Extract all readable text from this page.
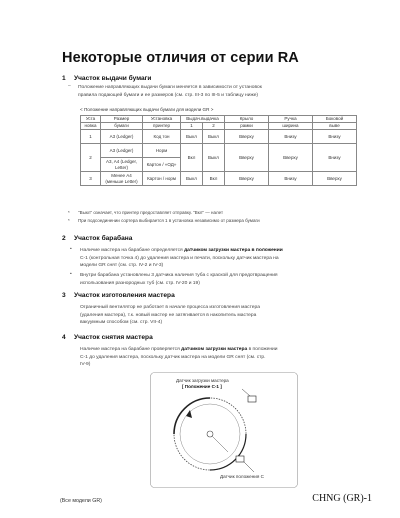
Некоторые отличия от серии RA
1 Участок выдачи бумаги
– Положение направляющих выдачи бумаги меняется в зависимости от установок
правила подающей бумаги и ее размеров (см. стр. III-3 по III-5 и таблицу ниже)
< Положение направляющих выдачи бумаги для модели GR >
Уста	Размер	Установка	Выдач.выдачка		Крыло	Ручка	Боковой
новка	бумаги	принтер	1	2	рамки	ширина	выве
1	A3 (Ledger)	Код тон	Выкл	Выкл	Вверху	Внизу	Внизу
2	A3 (Ledger)	Норм	Вкл	Выкл	Вверху	Вверху	Внизу
	A3, A4 (Ledger, Letter)	Картон / «ОД»					
3	Менее A4 (меньше Letter)	Картон / норм	Выкл	Вкл	Вверху	Внизу	Вверху
* "Выкл" означает, что принтер предоставляет отправку. "Вкл" — налет
* При подсоединении сортера выбирается 1 в установка независимо от размера бумаги
2 Участок барабана
• Наличие мастера на барабане определяется датчиком загрузки мастера в положении
С-1 (контрольная точка 4) до удаления мастера и печати, поскольку датчик мастера на
модели GR снят (см. стр. IV-2 и IV-3)
• Внутри барабана установлены 3 датчика наличия туба с краской для предотвращения
использования разнородных туб (см. стр. IV-20 и 19)
3 Участок изготовления мастера
Ограничный вентилятор не работает в начале процесса изготовления мастера
(удаления мастера), т.к. новый мастер не затягивается в накопитель мастера
вакуумным способом (см. стр. VII-4)
4 Участок снятия мастера
Наличие мастера на барабане проверяется датчиком загрузки мастера в положении
С-1 до удаления мастера, поскольку датчик мастера на модели GR снят (см. стр.
IV-9)
Датчик загрузки мастера
[ Положение C-1 ]
Датчик положения C
(Все модели GR)	CHNG (GR)-1
